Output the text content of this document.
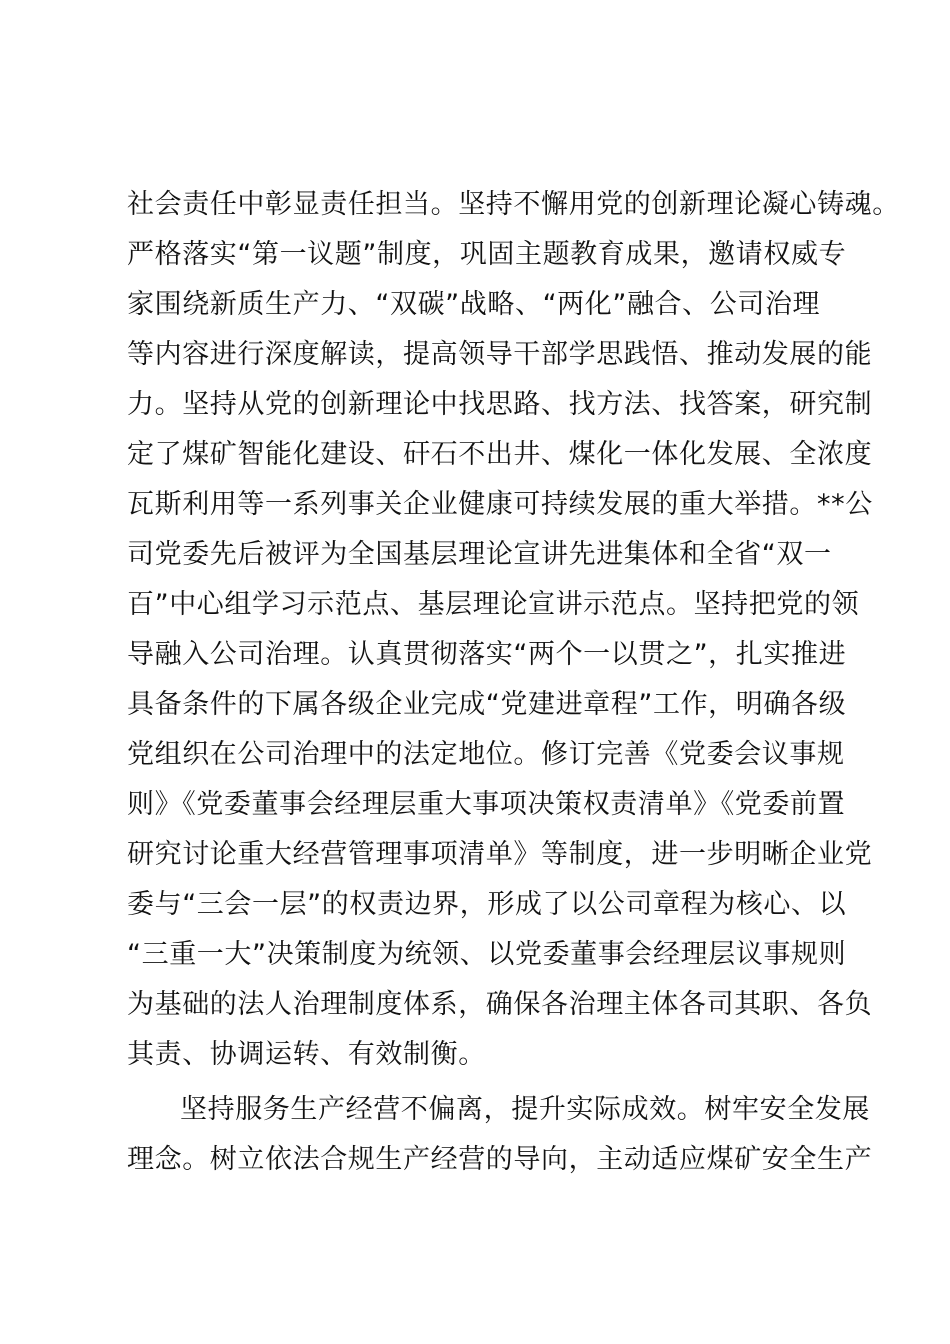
社会责任中彰显责任担当。坚持不懈用党的创新理论凝心铸魂。
严格落实“第一议题”制度，巩固主题教育成果，邀请权威专
家围绕新质生产力、“双碳”战略、“两化”融合、公司治理
等内容进行深度解读，提高领导干部学思践悟、推动发展的能
力。坚持从党的创新理论中找思路、找方法、找答案，研究制
定了煤矿智能化建设、矸石不出井、煤化一体化发展、全浓度
瓦斯利用等一系列事关企业健康可持续发展的重大举措。**公
司党委先后被评为全国基层理论宣讲先进集体和全省“双一
百”中心组学习示范点、基层理论宣讲示范点。坚持把党的领
导融入公司治理。认真贯彻落实“两个一以贯之”，扎实推进
具备条件的下属各级企业完成“党建进章程”工作，明确各级
党组织在公司治理中的法定地位。修订完善《党委会议事规
则》《党委董事会经理层重大事项决策权责清单》《党委前置
研究讨论重大经营管理事项清单》等制度，进一步明晰企业党
委与“三会一层”的权责边界，形成了以公司章程为核心、以
“三重一大”决策制度为统领、以党委董事会经理层议事规则
为基础的法人治理制度体系，确保各治理主体各司其职、各负
其责、协调运转、有效制衡。
坚持服务生产经营不偏离，提升实际成效。树牢安全发展
理念。树立依法合规生产经营的导向，主动适应煤矿安全生产
